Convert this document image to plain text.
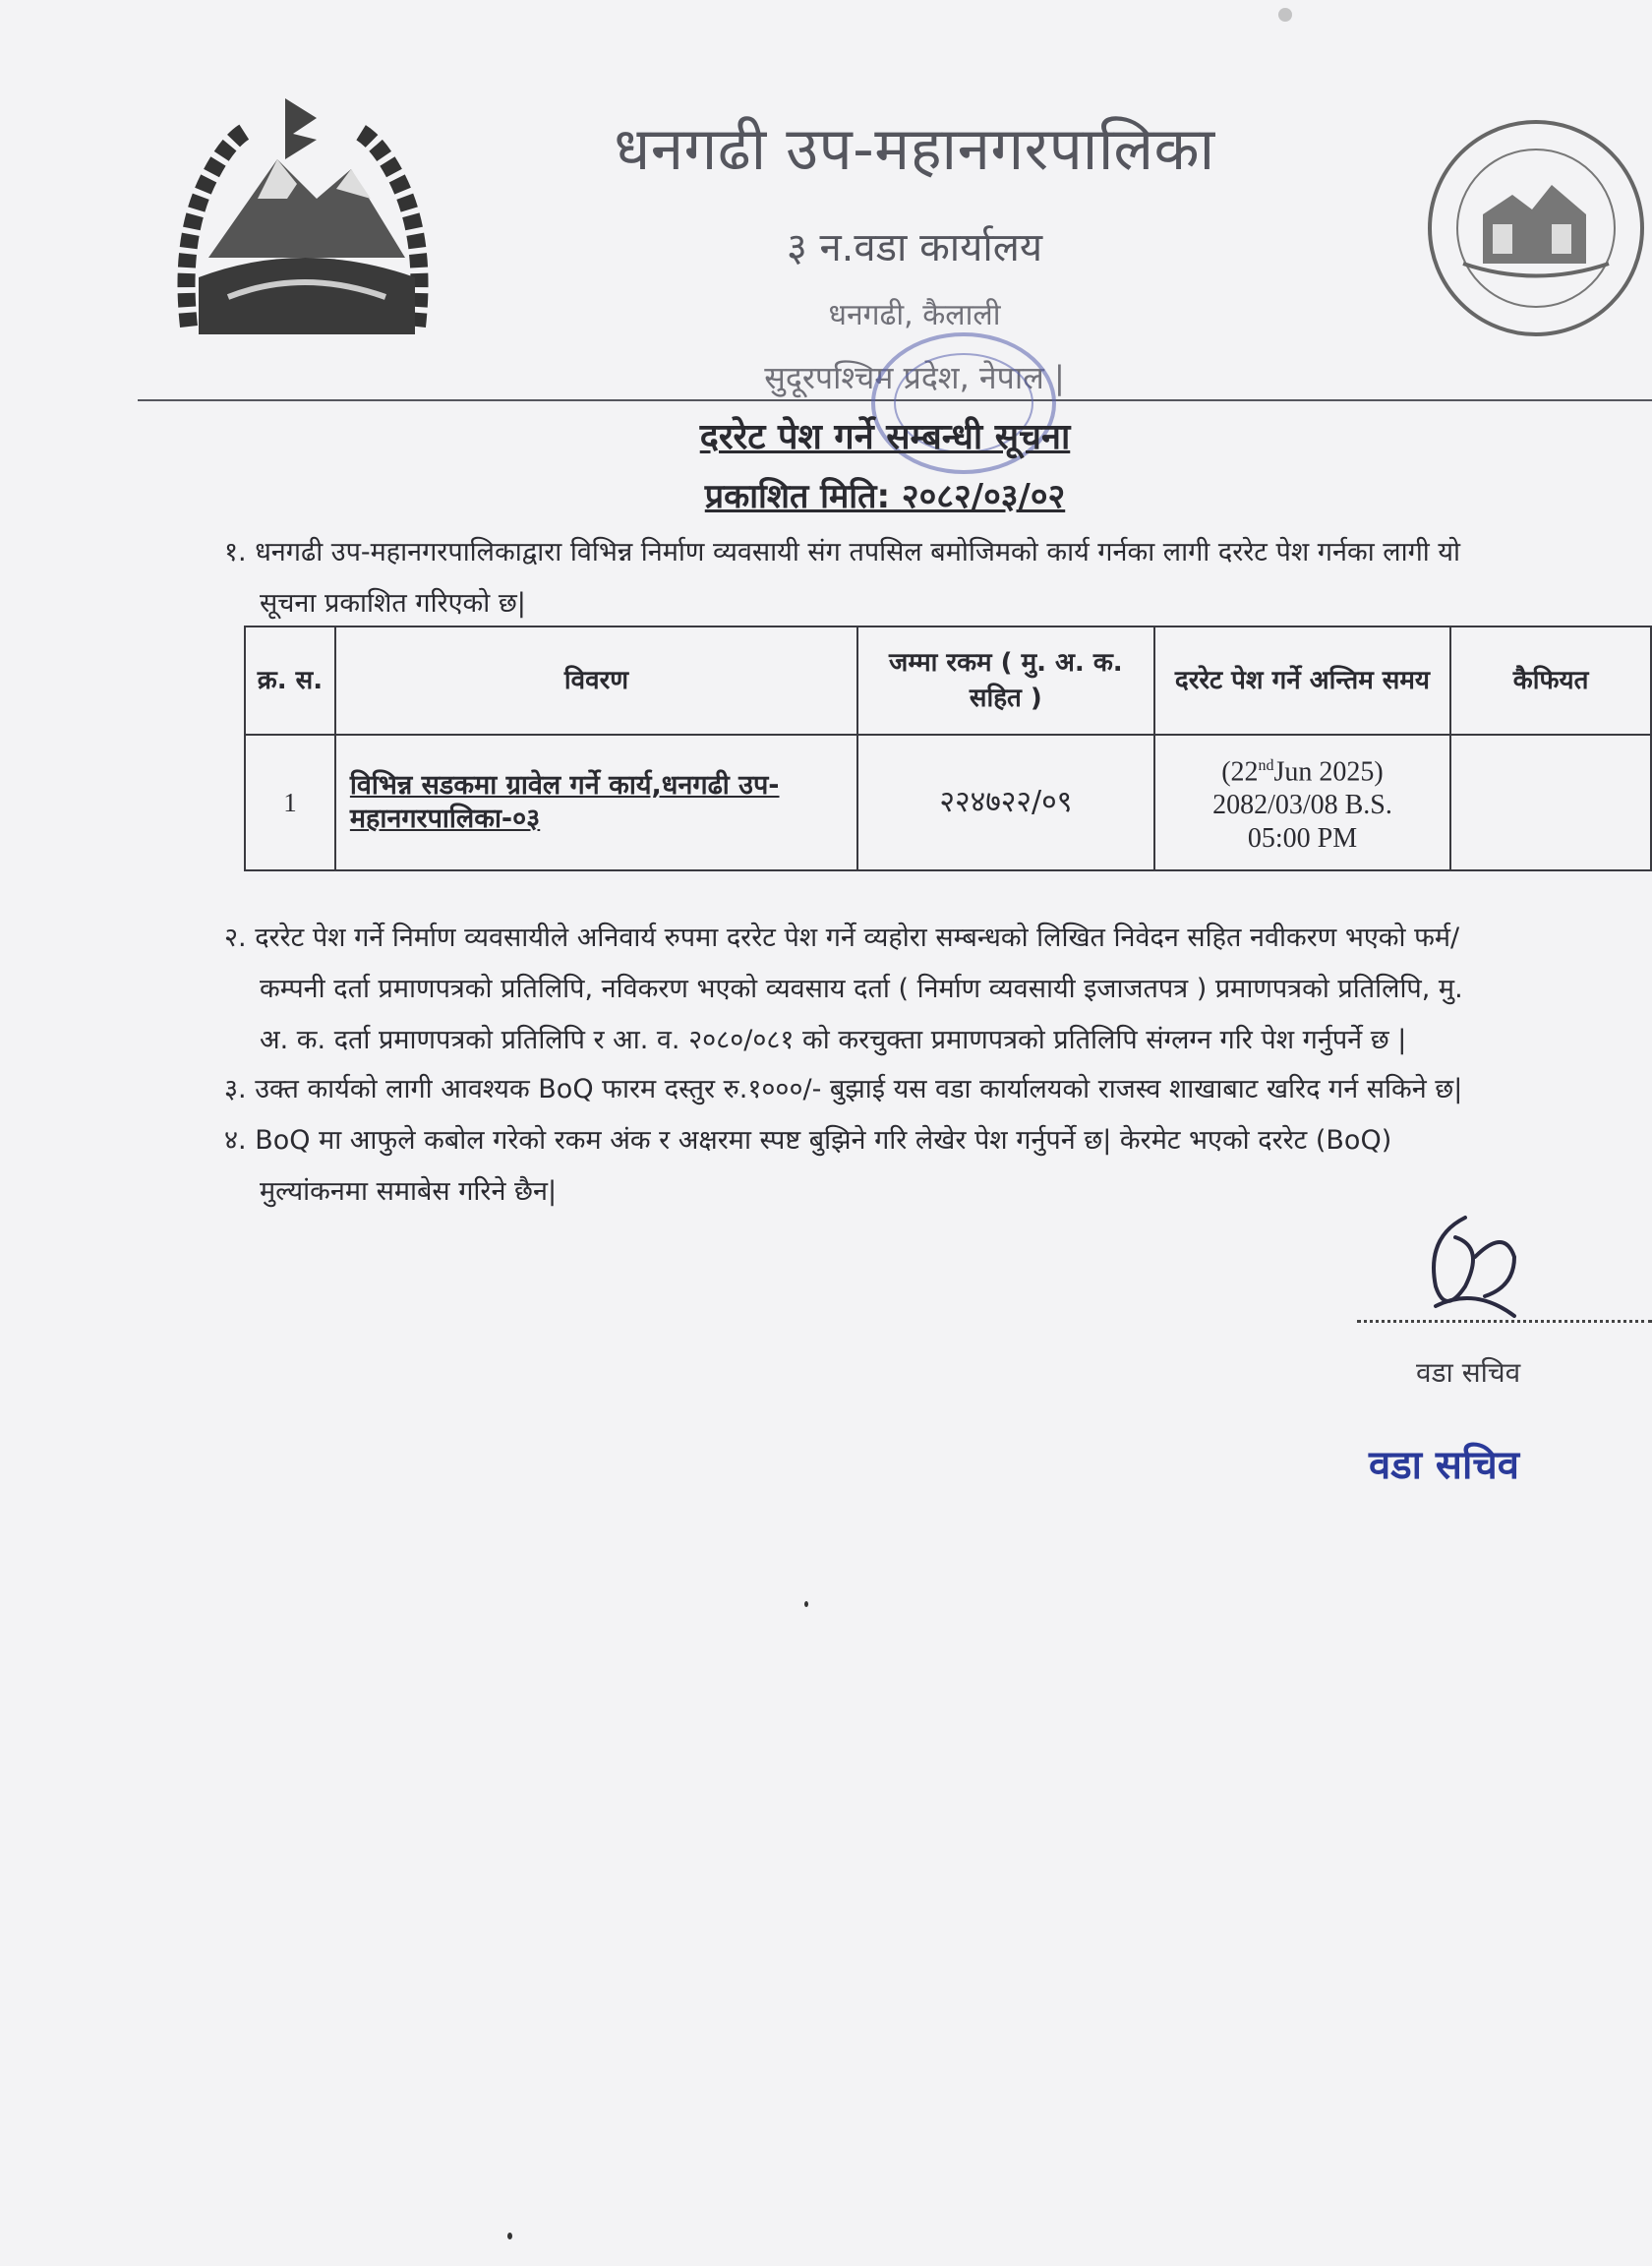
धनगढी उप-महानगरपालिका
३ न.वडा कार्यालय
धनगढी, कैलाली
सुदूरपश्चिम प्रदेश, नेपाल |
दररेट पेश गर्ने सम्बन्धी सूचना
प्रकाशित मिति: २०८२/०३/०२
१. धनगढी उप-महानगरपालिकाद्वारा विभिन्न निर्माण व्यवसायी संग तपसिल बमोजिमको कार्य गर्नका लागी दररेट पेश गर्नका लागी यो
सूचना प्रकाशित गरिएको छ|
क्र. स.	विवरण	जम्मा रकम ( मु. अ. क. सहित )	दररेट पेश गर्ने अन्तिम समय	कैफियत
1	विभिन्न सडकमा ग्रावेल गर्ने कार्य,धनगढी उप-महानगरपालिका-०३	२२४७२२/०९	(22ndJun 2025)
2082/03/08 B.S.
05:00 PM	

२. दररेट पेश गर्ने निर्माण व्यवसायीले अनिवार्य रुपमा दररेट पेश गर्ने व्यहोरा सम्बन्धको लिखित निवेदन सहित नवीकरण भएको फर्म/
कम्पनी दर्ता प्रमाणपत्रको प्रतिलिपि, नविकरण भएको व्यवसाय दर्ता ( निर्माण व्यवसायी इजाजतपत्र ) प्रमाणपत्रको प्रतिलिपि, मु.
अ. क. दर्ता प्रमाणपत्रको प्रतिलिपि र आ. व. २०८०/०८१ को करचुक्ता प्रमाणपत्रको प्रतिलिपि संग्लग्न गरि पेश गर्नुपर्ने छ |
३. उक्त कार्यको लागी आवश्यक BoQ फारम दस्तुर रु.१०००/- बुझाई यस वडा कार्यालयको राजस्व शाखाबाट खरिद गर्न सकिने छ|
४. BoQ मा आफुले कबोल गरेको रकम अंक र अक्षरमा स्पष्ट बुझिने गरि लेखेर पेश गर्नुपर्ने छ| केरमेट भएको दररेट (BoQ)
मुल्यांकनमा समाबेस गरिने छैन|
वडा सचिव
वडा सचिव
